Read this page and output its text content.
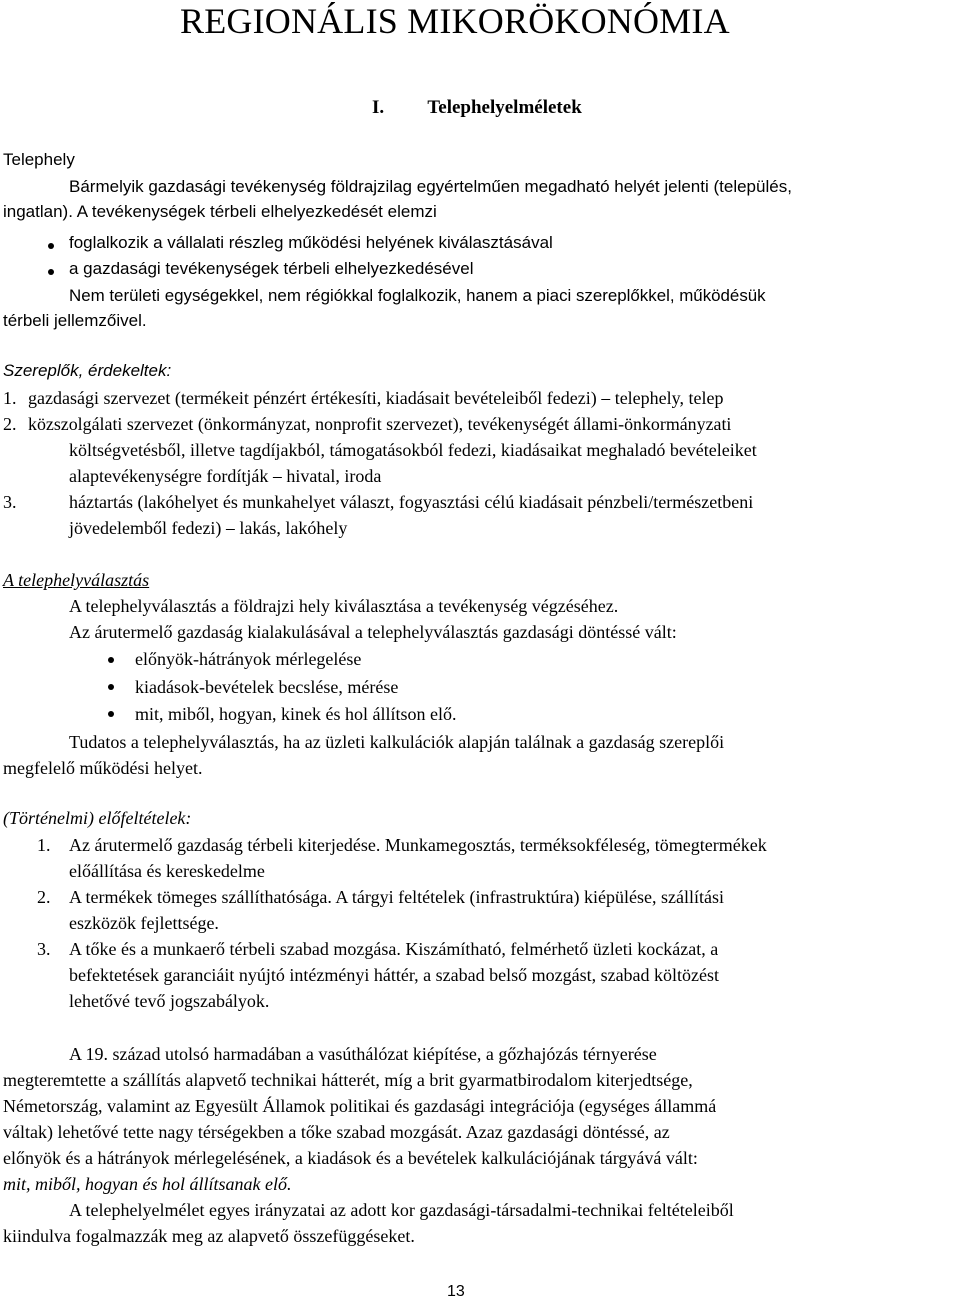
REGIONÁLIS MIKORÖKONÓMIA
I. Telephelyelméletek
Telephely
Bármelyik gazdasági tevékenység földrajzilag egyértelműen megadható helyét jelenti (település,
ingatlan). A tevékenységek térbeli elhelyezkedését elemzi
foglalkozik a vállalati részleg működési helyének kiválasztásával
a gazdasági tevékenységek térbeli elhelyezkedésével
Nem területi egységekkel, nem régiókkal foglalkozik, hanem a piaci szereplőkkel, működésük
térbeli jellemzőivel.
Szereplők, érdekeltek:
1. gazdasági szervezet (termékeit pénzért értékesíti, kiadásait bevételeiből fedezi) ⎯ telephely, telep
2. közszolgálati szervezet (önkormányzat, nonprofit szervezet), tevékenységét állami-önkormányzati
költségvetésből, illetve tagdíjakból, támogatásokból fedezi, kiadásaikat meghaladó bevételeiket
alaptevékenységre fordítják ⎯ hivatal, iroda
3.	háztartás (lakóhelyet és munkahelyet választ, fogyasztási célú kiadásait pénzbeli/természetbeni
jövedelemből fedezi) ⎯ lakás, lakóhely
A telephelyválasztás
A telephelyválasztás a földrajzi hely kiválasztása a tevékenység végzéséhez.
Az árutermelő gazdaság kialakulásával a telephelyválasztás gazdasági döntéssé vált:
előnyök-hátrányok mérlegelése
kiadások-bevételek becslése, mérése
mit, miből, hogyan, kinek és hol állítson elő.
Tudatos a telephelyválasztás, ha az üzleti kalkulációk alapján találnak a gazdaság szereplői
megfelelő működési helyet.
(Történelmi) előfeltételek:
1. Az árutermelő gazdaság térbeli kiterjedése. Munkamegosztás, terméksokféleség, tömegtermékek
előállítása és kereskedelme
2. A termékek tömeges szállíthatósága. A tárgyi feltételek (infrastruktúra) kiépülése, szállítási
eszközök fejlettsége.
3. A tőke és a munkaerő térbeli szabad mozgása. Kiszámítható, felmérhető üzleti kockázat, a
befektetések garanciáit nyújtó intézményi háttér, a szabad belső mozgást, szabad költözést
lehetővé tevő jogszabályok.
A 19. század utolsó harmadában a vasúthálózat kiépítése, a gőzhajózás térnyerése
megteremtette a szállítás alapvető technikai hátterét, míg a brit gyarmatbirodalom kiterjedtsége,
Németország, valamint az Egyesült Államok politikai és gazdasági integrációja (egységes állammá
váltak) lehetővé tette nagy térségekben a tőke szabad mozgását. Azaz gazdasági döntéssé, az
előnyök és a hátrányok mérlegelésének, a kiadások és a bevételek kalkulációjának tárgyává vált:
mit, miből, hogyan és hol állítsanak elő.
A telephelyelmélet egyes irányzatai az adott kor gazdasági-társadalmi-technikai feltételeiből
kiindulva fogalmazzák meg az alapvető összefüggéseket.
13
